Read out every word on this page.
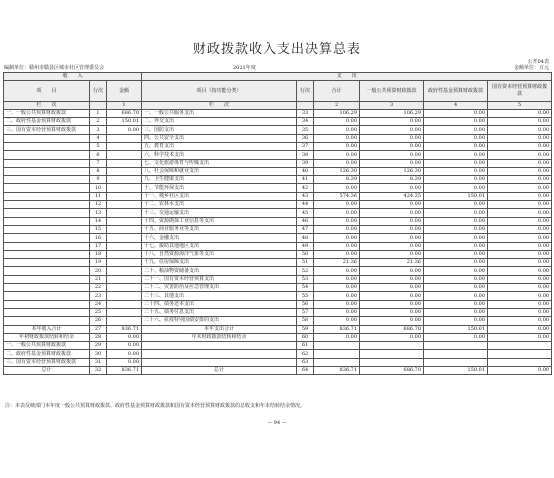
财政拨款收入支出决算总表
公开04表
编制单位：赣州市赣县区城市社区管理委员会	2021年度	金额单位：万元
收　　入			支　　出					
项　　目	行次	金额	项目（按功能分类）	行次	合计	一般公共预算财政拨款	政府性基金预算财政拨款	国有资本经营预算财政拨款
栏　　次		1	栏　　次		2	3	4	5
一、一般公共预算财政拨款	1	686.70	一、一般公共服务支出	33	106.29	106.29	0.00	0.00
二、政府性基金预算财政拨款	2	150.01	二、外交支出	34	0.00	0.00	0.00	0.00
三、国有资本经营预算财政拨款	3	0.00	三、国防支出	35	0.00	0.00	0.00	0.00
	4		四、公共安全支出	36	0.00	0.00	0.00	0.00
	5		五、教育支出	37	0.00	0.00	0.00	0.00
	6		六、科学技术支出	38	0.00	0.00	0.00	0.00
	7		七、文化旅游体育与传媒支出	39	0.00	0.00	0.00	0.00
	8		八、社会保障和就业支出	40	126.30	126.30	0.00	0.00
	9		九、卫生健康支出	41	8.39	8.39	0.00	0.00
	10		十、节能环保支出	42	0.00	0.00	0.00	0.00
	11		十一、城乡社区支出	43	574.36	424.35	150.01	0.00
	12		十二、农林水支出	44	0.00	0.00	0.00	0.00
	13		十三、交通运输支出	45	0.00	0.00	0.00	0.00
	14		十四、资源勘探工业信息等支出	46	0.00	0.00	0.00	0.00
	15		十五、商业服务业等支出	47	0.00	0.00	0.00	0.00
	16		十六、金融支出	48	0.00	0.00	0.00	0.00
	17		十七、援助其他地区支出	49	0.00	0.00	0.00	0.00
	18		十八、自然资源海洋气象等支出	50	0.00	0.00	0.00	0.00
	19		十九、住房保障支出	51	21.36	21.36	0.00	0.00
	20		二十、粮油物资储备支出	52	0.00	0.00	0.00	0.00
	21		二十一、国有资本经营预算支出	53	0.00	0.00	0.00	0.00
	22		二十二、灾害防治及应急管理支出	54	0.00	0.00	0.00	0.00
	23		二十三、其他支出	55	0.00	0.00	0.00	0.00
	24		二十四、债务还本支出	56	0.00	0.00	0.00	0.00
	25		二十五、债务付息支出	57	0.00	0.00	0.00	0.00
	26		二十六、抗疫特别国债安排的支出	58	0.00	0.00	0.00	0.00
本年收入合计	27	836.71	本年支出合计	59	836.71	686.70	150.01	0.00
年初财政拨款结转和结余	28	0.00	年末财政拨款结转和结余	60	0.00	0.00	0.00	0.00
一、一般公共预算财政拨款	29	0.00		61				
二、政府性基金预算财政拨款	30	0.00		62				
三、国有资本经营预算财政拨款	31	0.00		63				
总计	32	836.71	总计	64	836.71	686.70	150.01	0.00
注：本表反映部门本年度一般公共预算财政拨款、政府性基金预算财政拨款和国有资本经营预算财政拨款的总收支和年末结转结余情况。
— 94 —
